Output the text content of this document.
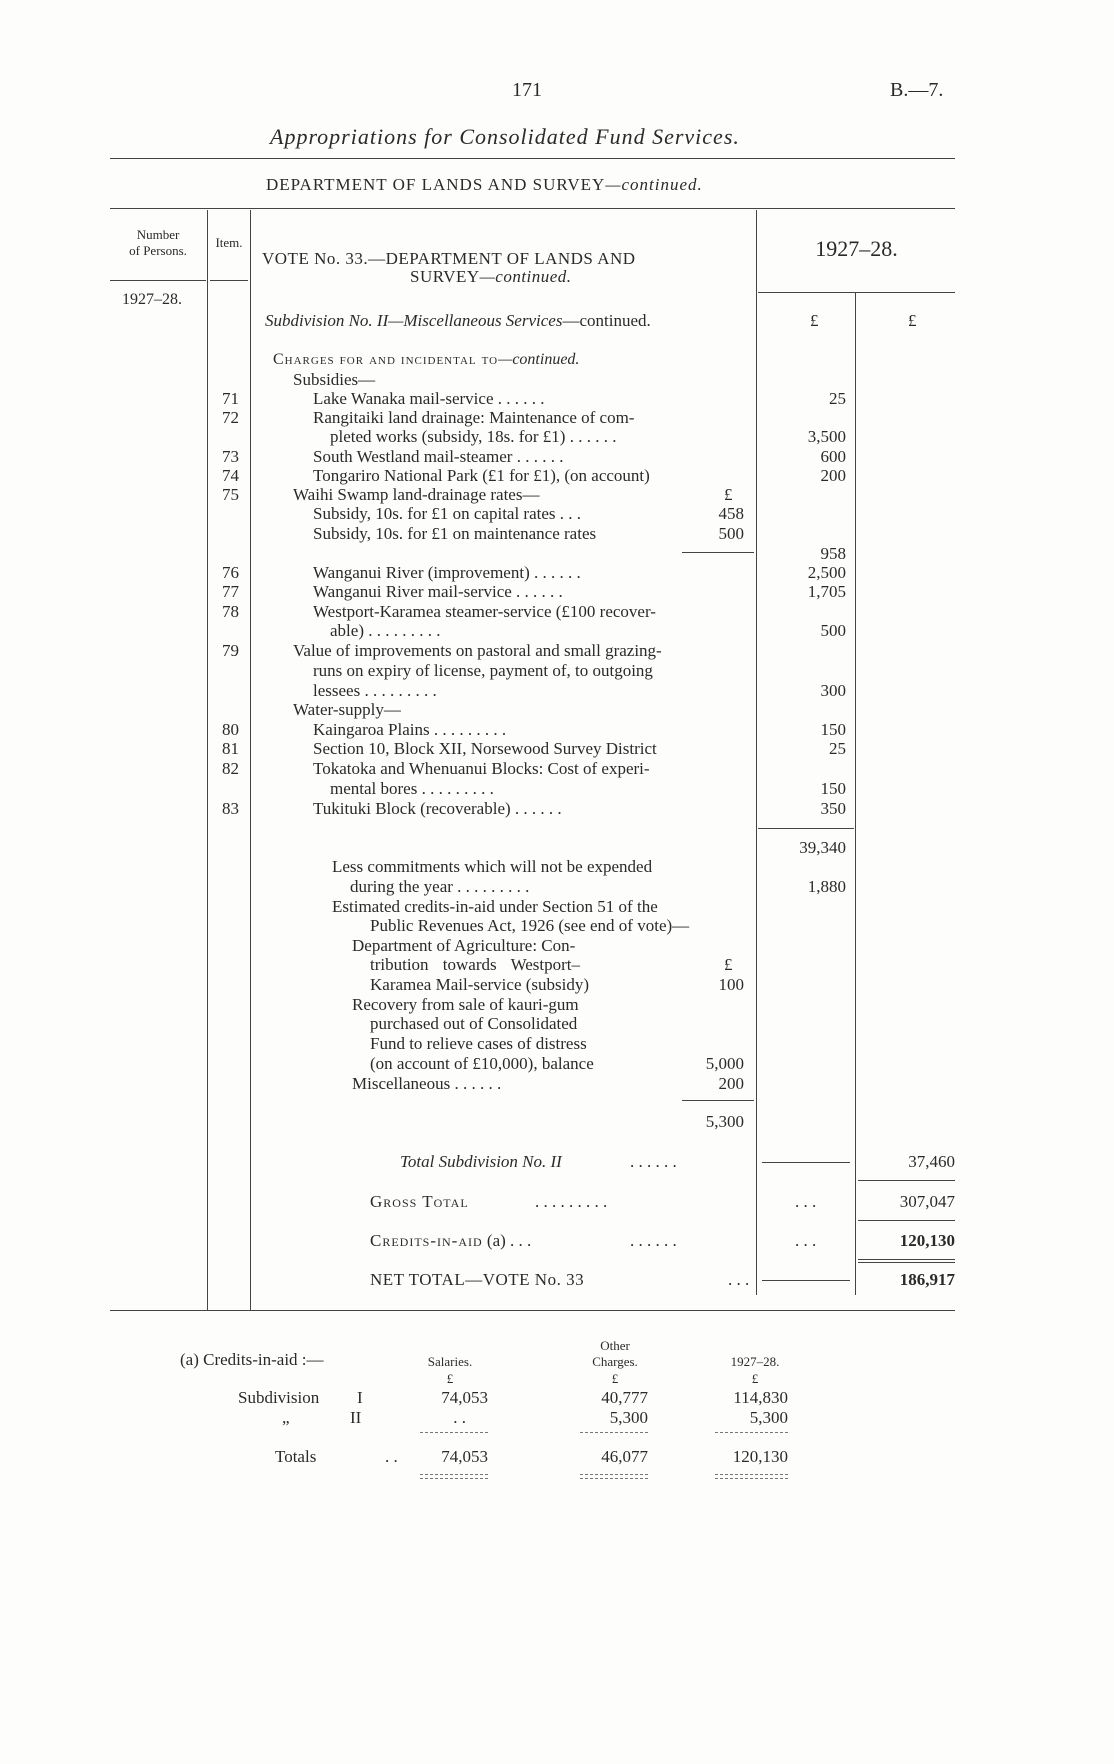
171	B.—7.
Appropriations for Consolidated Fund Services.
DEPARTMENT OF LANDS AND SURVEY—continued.
Number
of Persons.
Item.
VOTE No. 33.—DEPARTMENT OF LANDS AND
SURVEY—continued.
1927–28.
1927–28.
Subdivision No. II—Miscellaneous Services—continued.	£	£
Charges for and incidental to—continued.
Subsidies—
71	Lake Wanaka mail-service . . . . . .	25
72	Rangitaiki land drainage: Maintenance of com-
pleted works (subsidy, 18s. for £1) . . . . . .	3,500
73	South Westland mail-steamer . . . . . .	600
74	Tongariro National Park (£1 for £1), (on account)	200
75	Waihi Swamp land-drainage rates—	£
Subsidy, 10s. for £1 on capital rates . . .	458
Subsidy, 10s. for £1 on maintenance rates	500
958
76	Wanganui River (improvement) . . . . . .	2,500
77	Wanganui River mail-service . . . . . .	1,705
78	Westport-Karamea steamer-service (£100 recover-
able) . . . . . . . . .	500
79	Value of improvements on pastoral and small grazing-
runs on expiry of license, payment of, to outgoing
lessees . . . . . . . . .	300
Water-supply—
80	Kaingaroa Plains . . . . . . . . .	150
81	Section 10, Block XII, Norsewood Survey District	25
82	Tokatoka and Whenuanui Blocks: Cost of experi-
mental bores . . . . . . . . .	150
83	Tukituki Block (recoverable) . . . . . .	350
39,340
Less commitments which will not be expended
during the year . . . . . . . . .	1,880
Estimated credits-in-aid under Section 51 of the
Public Revenues Act, 1926 (see end of vote)—
Department of Agriculture: Con-
tribution towards Westport–	£
Karamea Mail-service (subsidy)	100
Recovery from sale of kauri-gum
purchased out of Consolidated
Fund to relieve cases of distress
(on account of £10,000), balance	5,000
Miscellaneous . . . . . .	200
5,300
Total Subdivision No. II	. . . . . .	37,460
Gross Total	. . . . . . . . .	. . .	307,047
Credits-in-aid (a) . . .	. . . . . .	. . .	120,130
NET TOTAL—VOTE No. 33	. . .	186,917
(a) Credits-in-aid :—	Salaries.
Other
Charges.	1927–28.
£	£	£
Subdivision I	74,053	40,777	114,830
„	II	. .	5,300	5,300
Totals	. .	74,053	46,077	120,130
